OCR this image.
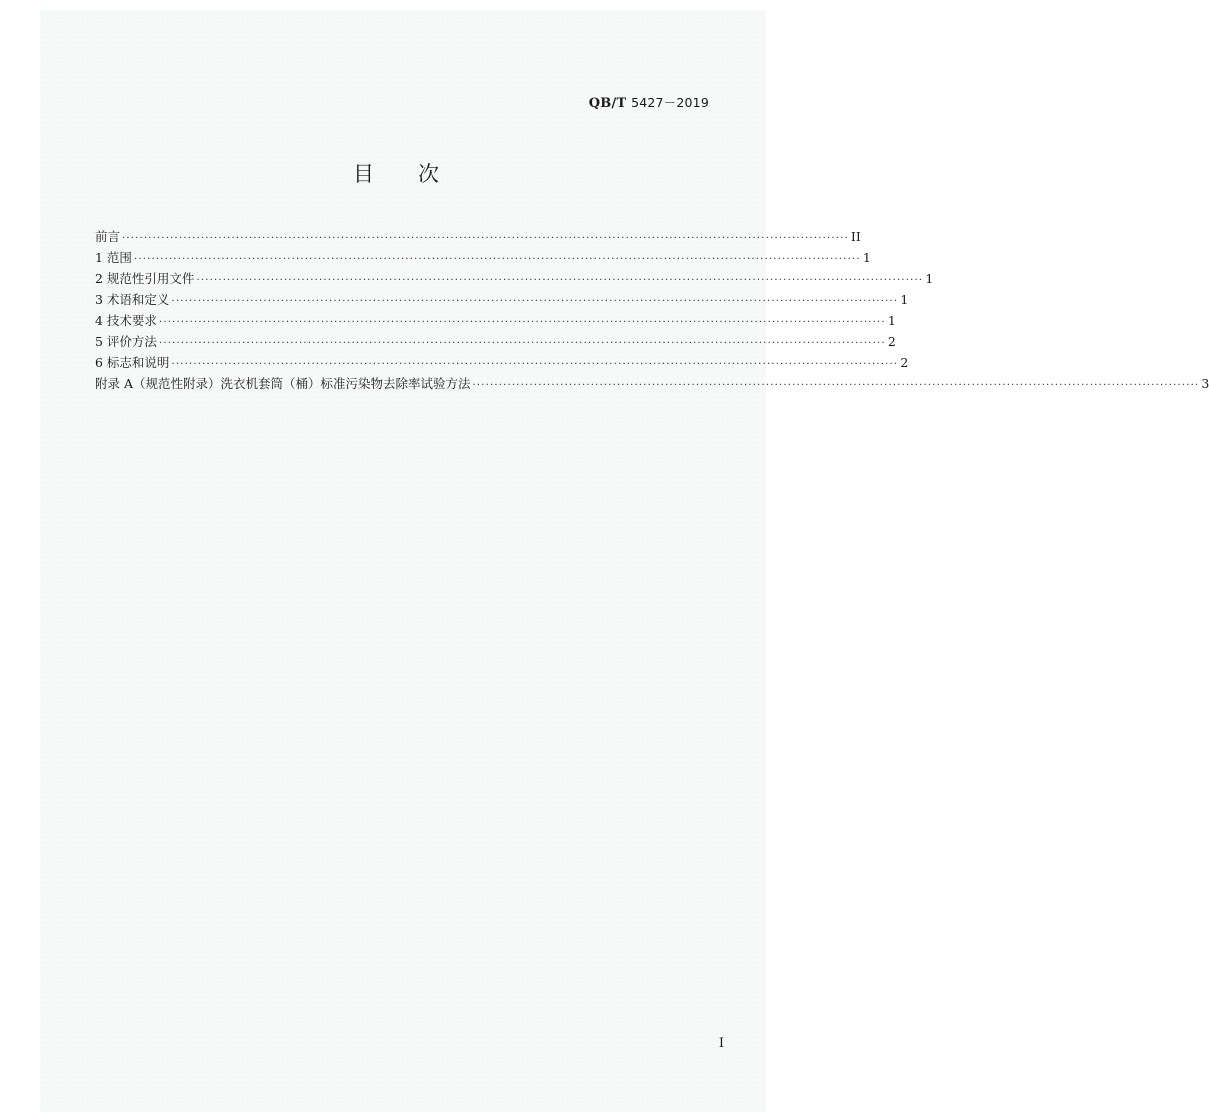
QB/T 5427－2019
目次
前言 ······································································································································································ II
1 范围 ······································································································································································ 1
2 规范性引用文件 ······································································································································································ 1
3 术语和定义 ······································································································································································ 1
4 技术要求 ······································································································································································ 1
5 评价方法 ······································································································································································ 2
6 标志和说明 ······································································································································································ 2
附录 A（规范性附录）洗衣机套筒（桶）标准污染物去除率试验方法 ······································································································································································ 3
I
